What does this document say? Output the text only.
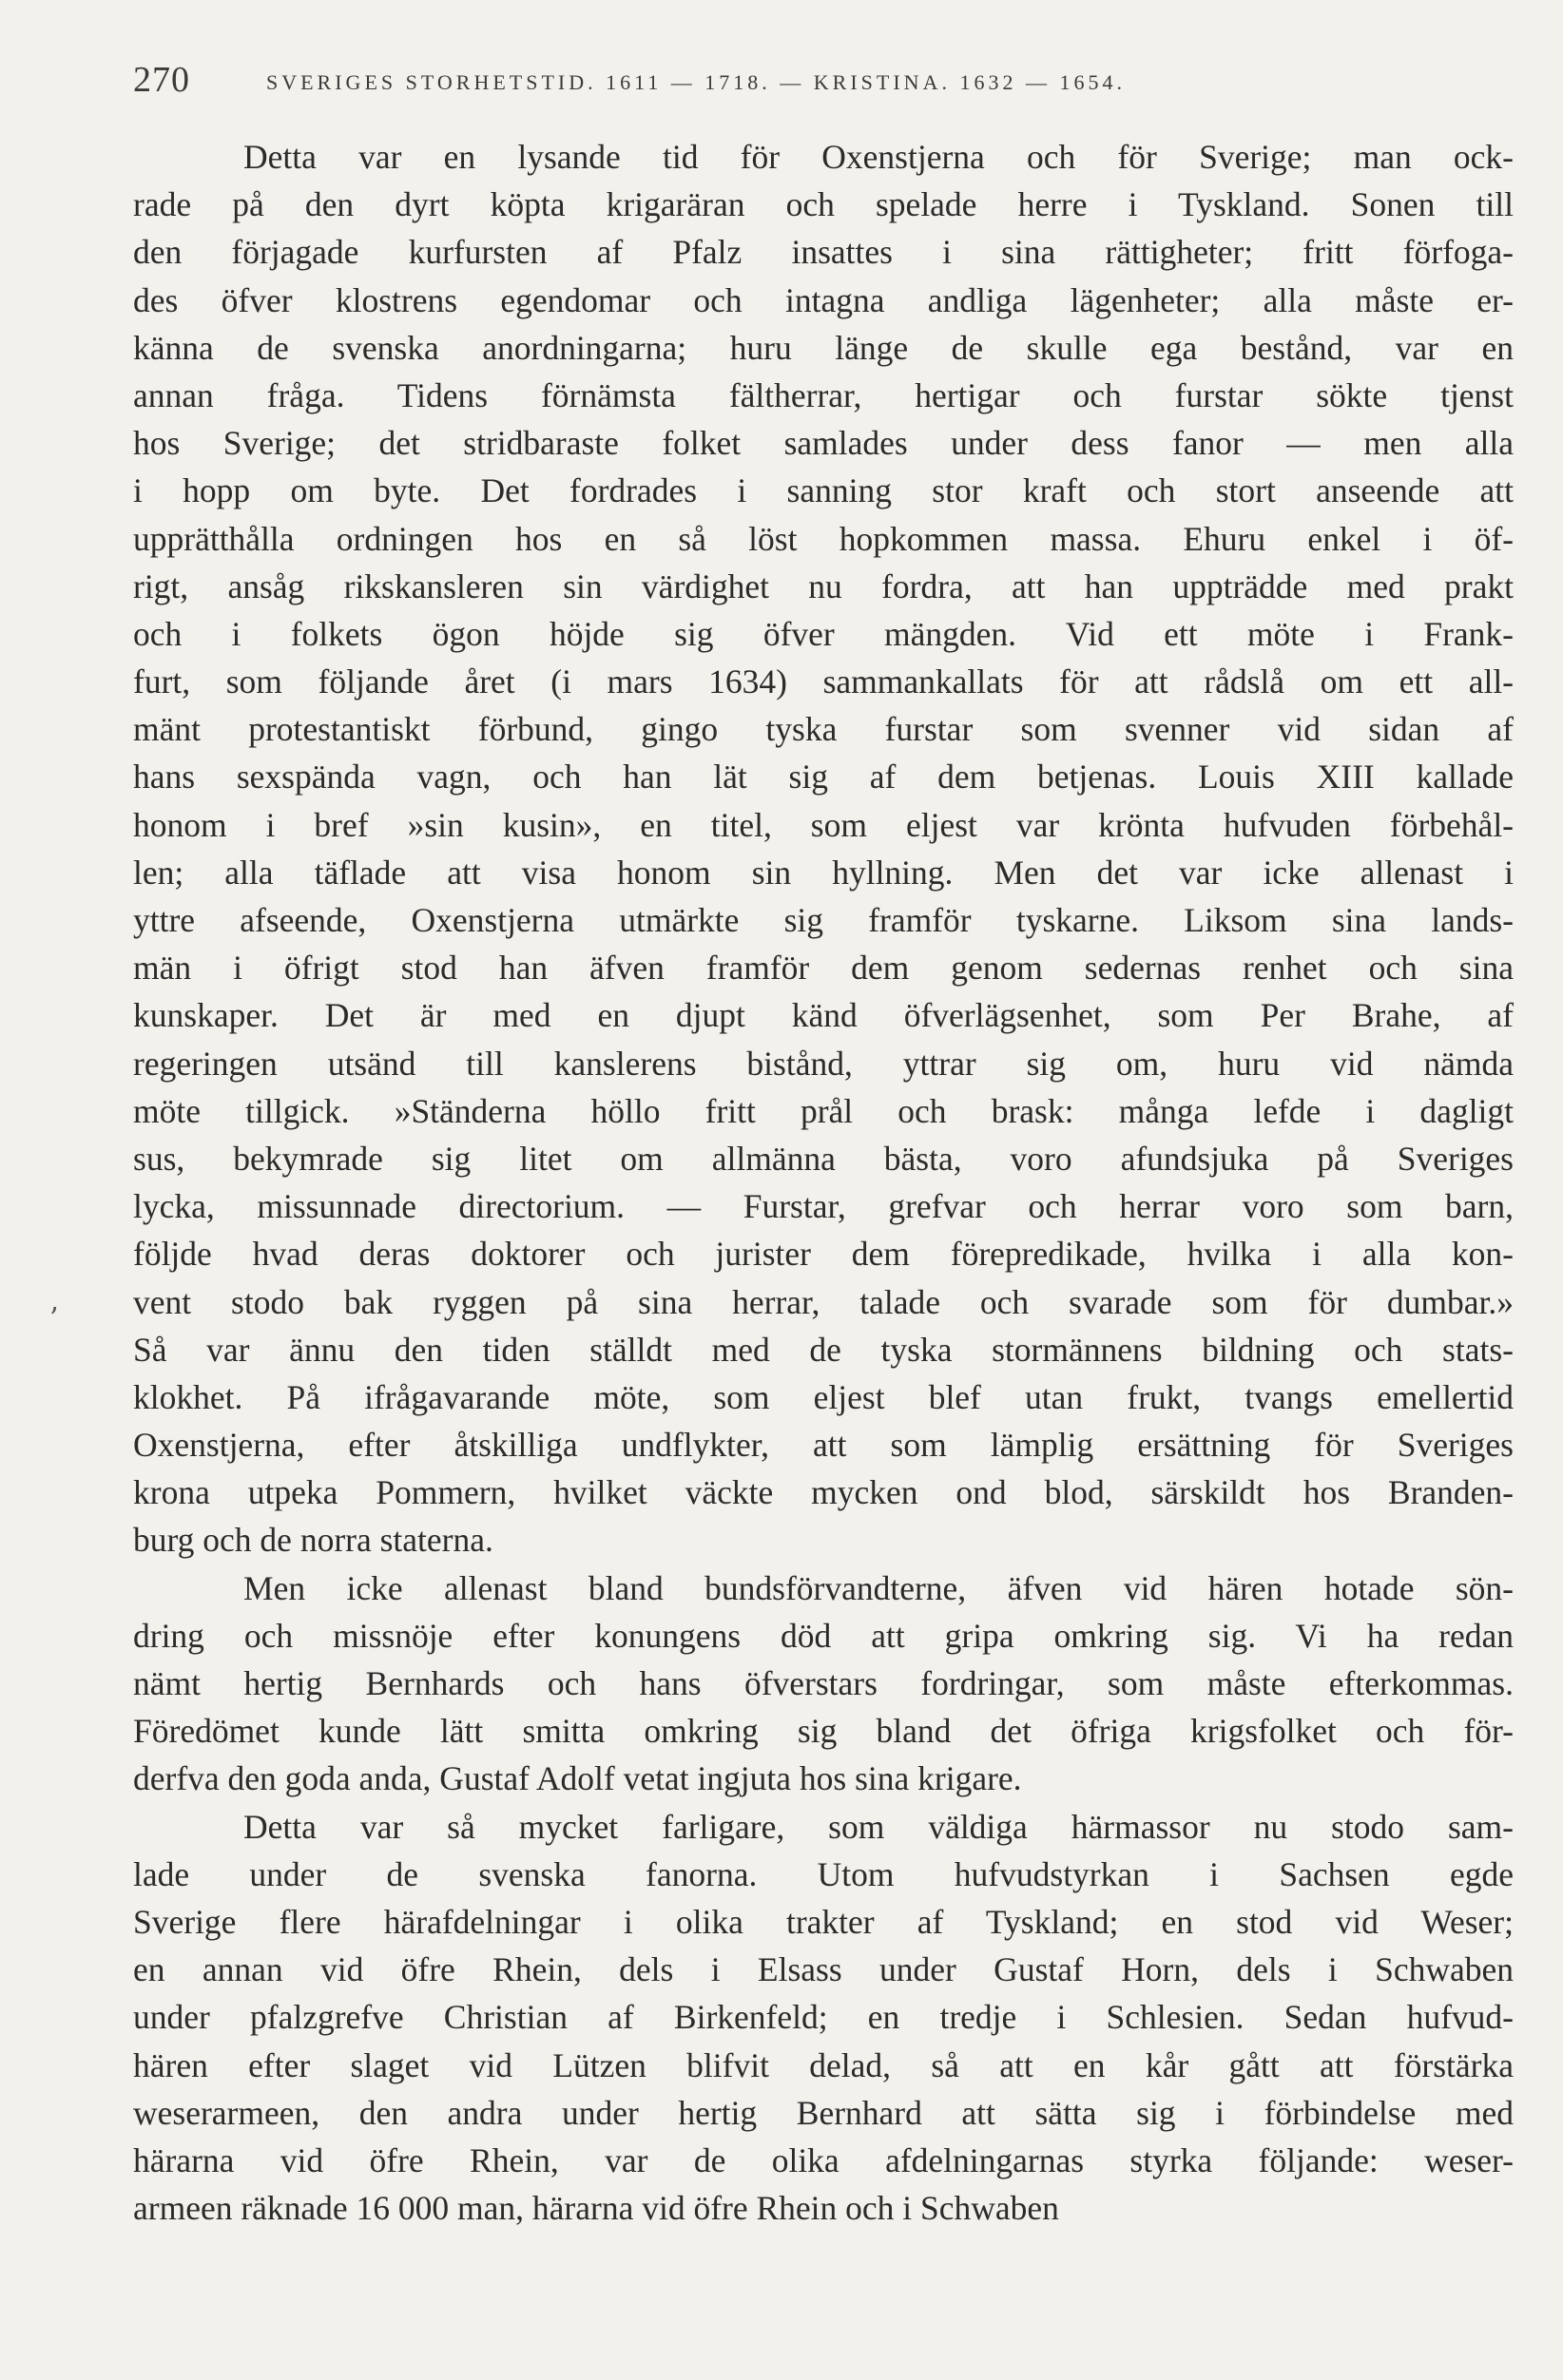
270	SVERIGES STORHETSTID. 1611 — 1718. — KRISTINA. 1632 — 1654.
’
Detta var en lysande tid för Oxenstjerna och för Sverige; man ock-
rade på den dyrt köpta krigaräran och spelade herre i Tyskland. Sonen till
den förjagade kurfursten af Pfalz insattes i sina rättigheter; fritt förfoga-
des öfver klostrens egendomar och intagna andliga lägenheter; alla måste er-
känna de svenska anordningarna; huru länge de skulle ega bestånd, var en
annan fråga. Tidens förnämsta fältherrar, hertigar och furstar sökte tjenst
hos Sverige; det stridbaraste folket samlades under dess fanor — men alla
i hopp om byte. Det fordrades i sanning stor kraft och stort anseende att
upprätthålla ordningen hos en så löst hopkommen massa. Ehuru enkel i öf-
rigt, ansåg rikskansleren sin värdighet nu fordra, att han uppträdde med prakt
och i folkets ögon höjde sig öfver mängden. Vid ett möte i Frank-
furt, som följande året (i mars 1634) sammankallats för att rådslå om ett all-
mänt protestantiskt förbund, gingo tyska furstar som svenner vid sidan af
hans sexspända vagn, och han lät sig af dem betjenas. Louis XIII kallade
honom i bref »sin kusin», en titel, som eljest var krönta hufvuden förbehål-
len; alla täflade att visa honom sin hyllning. Men det var icke allenast i
yttre afseende, Oxenstjerna utmärkte sig framför tyskarne. Liksom sina lands-
män i öfrigt stod han äfven framför dem genom sedernas renhet och sina
kunskaper. Det är med en djupt känd öfverlägsenhet, som Per Brahe, af
regeringen utsänd till kanslerens bistånd, yttrar sig om, huru vid nämda
möte tillgick. »Ständerna höllo fritt prål och brask: många lefde i dagligt
sus, bekymrade sig litet om allmänna bästa, voro afundsjuka på Sveriges
lycka, missunnade directorium. — Furstar, grefvar och herrar voro som barn,
följde hvad deras doktorer och jurister dem förepredikade, hvilka i alla kon-
vent stodo bak ryggen på sina herrar, talade och svarade som för dumbar.»
Så var ännu den tiden ställdt med de tyska stormännens bildning och stats-
klokhet. På ifrågavarande möte, som eljest blef utan frukt, tvangs emellertid
Oxenstjerna, efter åtskilliga undflykter, att som lämplig ersättning för Sveriges
krona utpeka Pommern, hvilket väckte mycken ond blod, särskildt hos Branden-
burg och de norra staterna.
Men icke allenast bland bundsförvandterne, äfven vid hären hotade sön-
dring och missnöje efter konungens död att gripa omkring sig. Vi ha redan
nämt hertig Bernhards och hans öfverstars fordringar, som måste efterkommas.
Föredömet kunde lätt smitta omkring sig bland det öfriga krigsfolket och för-
derfva den goda anda, Gustaf Adolf vetat ingjuta hos sina krigare.
Detta var så mycket farligare, som väldiga härmassor nu stodo sam-
lade under de svenska fanorna. Utom hufvudstyrkan i Sachsen egde
Sverige flere härafdelningar i olika trakter af Tyskland; en stod vid Weser;
en annan vid öfre Rhein, dels i Elsass under Gustaf Horn, dels i Schwaben
under pfalzgrefve Christian af Birkenfeld; en tredje i Schlesien. Sedan hufvud-
hären efter slaget vid Lützen blifvit delad, så att en kår gått att förstärka
weserarmeen, den andra under hertig Bernhard att sätta sig i förbindelse med
härarna vid öfre Rhein, var de olika afdelningarnas styrka följande: weser-
armeen räknade 16 000 man, härarna vid öfre Rhein och i Schwaben
